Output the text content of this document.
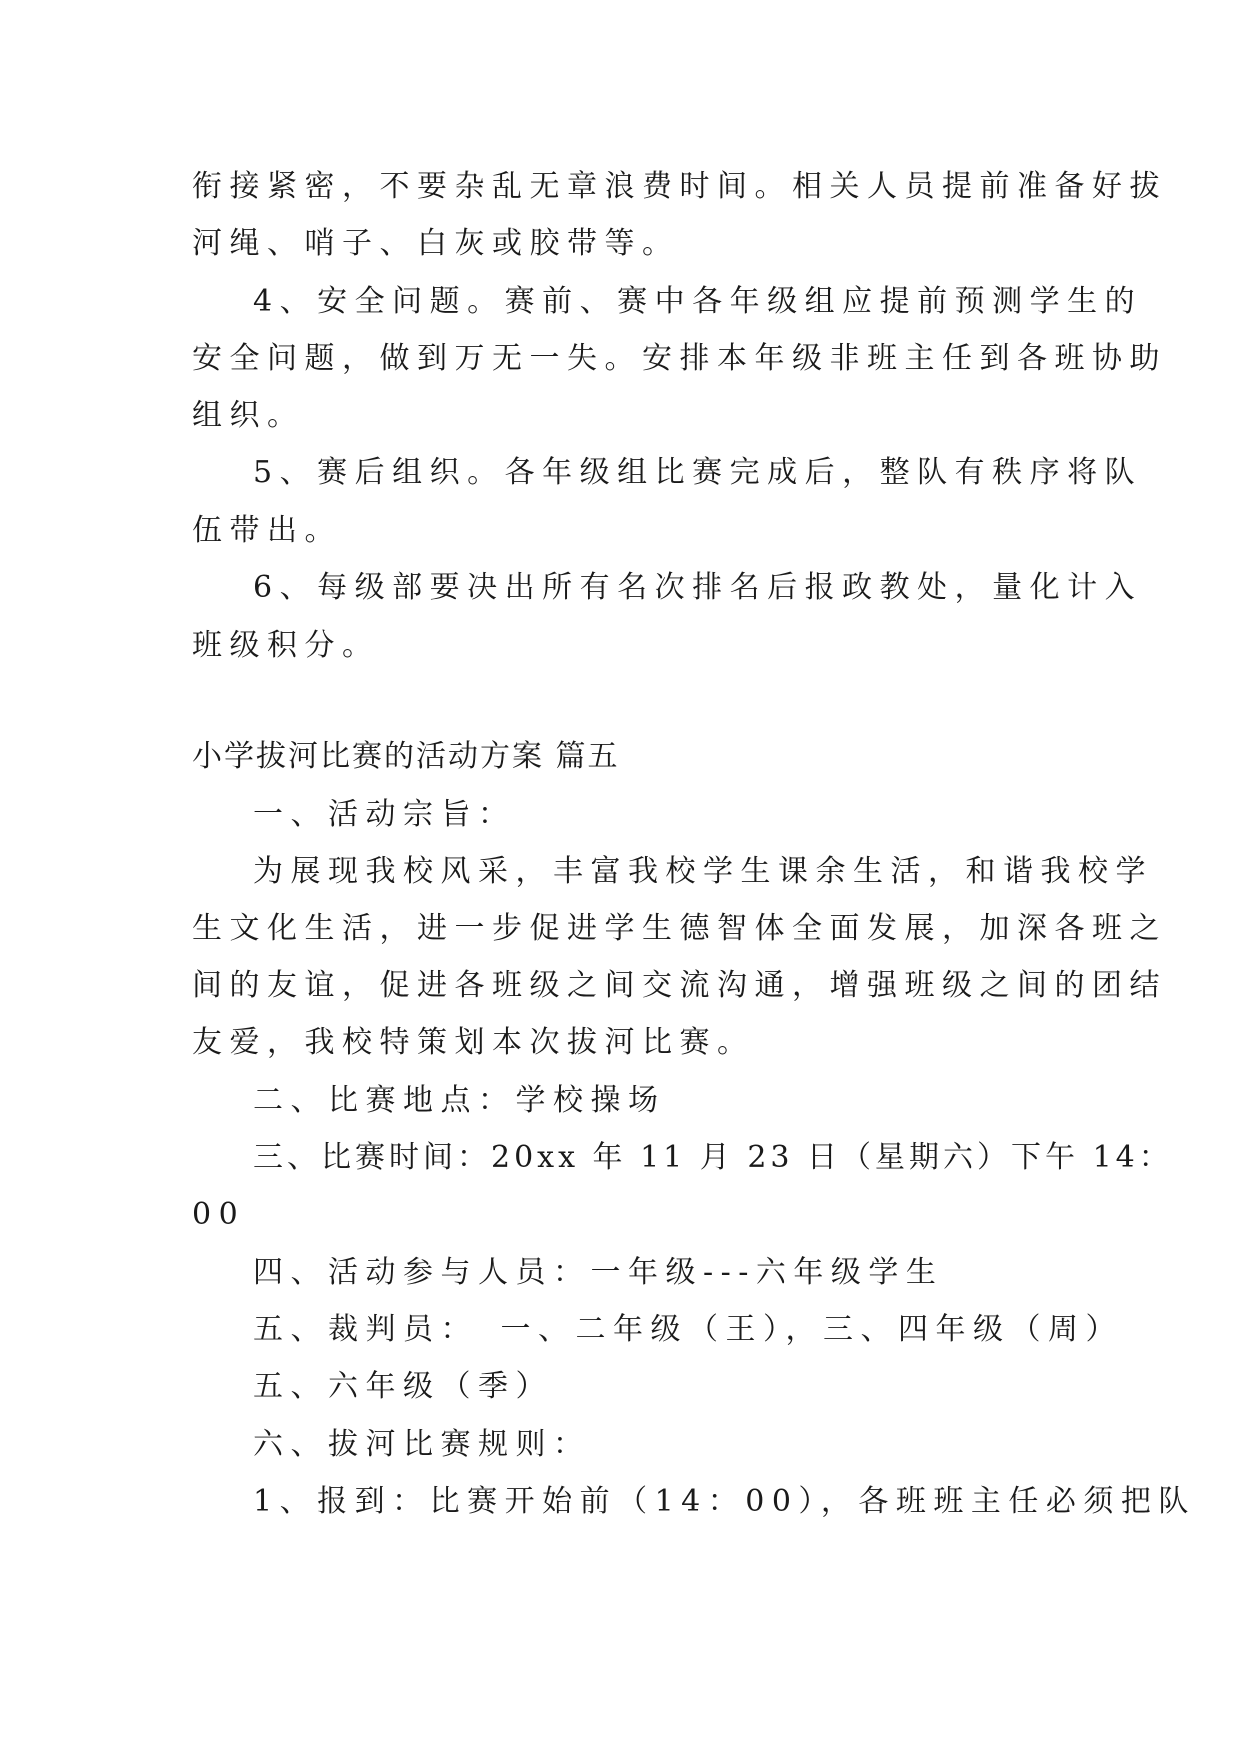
衔接紧密，不要杂乱无章浪费时间。相关人员提前准备好拔
河绳、哨子、白灰或胶带等。
4、安全问题。赛前、赛中各年级组应提前预测学生的
安全问题，做到万无一失。安排本年级非班主任到各班协助
组织。
5、赛后组织。各年级组比赛完成后，整队有秩序将队
伍带出。
6、每级部要决出所有名次排名后报政教处，量化计入
班级积分。
小学拔河比赛的活动方案 篇五
一、活动宗旨：
为展现我校风采，丰富我校学生课余生活，和谐我校学
生文化生活，进一步促进学生德智体全面发展，加深各班之
间的友谊，促进各班级之间交流沟通，增强班级之间的团结
友爱，我校特策划本次拔河比赛。
二、比赛地点：学校操场
三、比赛时间：20xx 年 11 月 23 日（星期六）下午 14：
00
四、活动参与人员：一年级---六年级学生
五、裁判员：　一、二年级（王），三、四年级（周）
五、六年级（季）
六、拔河比赛规则：
1、报到：比赛开始前（14：00），各班班主任必须把队
